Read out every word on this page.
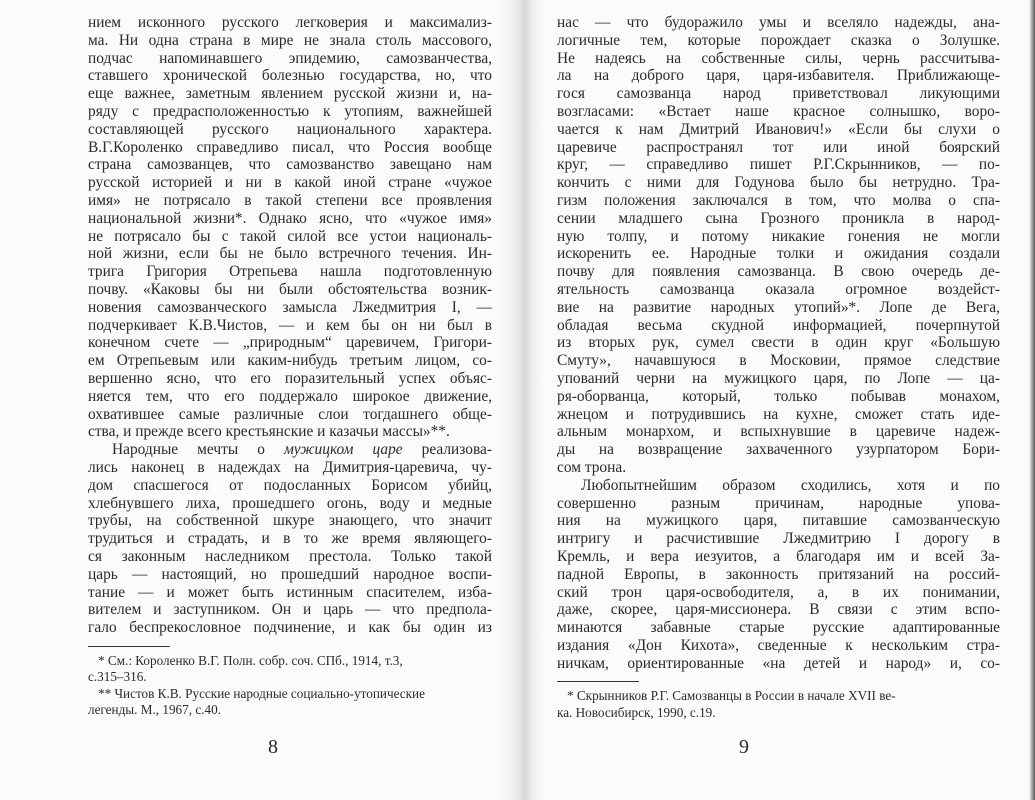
нием исконного русского легковерия и максимализ-
ма. Ни одна страна в мире не знала столь массового,
подчас напоминавшего эпидемию, самозванчества,
ставшего хронической болезнью государства, но, что
еще важнее, заметным явлением русской жизни и, на-
ряду с предрасположенностью к утопиям, важнейшей
составляющей русского национального характера.
В.Г.Короленко справедливо писал, что Россия вообще
страна самозванцев, что самозванство завещано нам
русской историей и ни в какой иной стране «чужое
имя» не потрясало в такой степени все проявления
национальной жизни*. Однако ясно, что «чужое имя»
не потрясало бы с такой силой все устои националь-
ной жизни, если бы не было встречного течения. Ин-
трига Григория Отрепьева нашла подготовленную
почву. «Каковы бы ни были обстоятельства возник-
новения самозванческого замысла Лжедмитрия I, —
подчеркивает К.В.Чистов, — и кем бы он ни был в
конечном счете — „природным“ царевичем, Григори-
ем Отрепьевым или каким-нибудь третьим лицом, со-
вершенно ясно, что его поразительный успех объяс-
няется тем, что его поддержало широкое движение,
охватившее самые различные слои тогдашнего обще-
ства, и прежде всего крестьянские и казачьи массы»**.
Народные мечты о мужицком царе реализова-
лись наконец в надеждах на Димитрия-царевича, чу-
дом спасшегося от подосланных Борисом убийц,
хлебнувшего лиха, прошедшего огонь, воду и медные
трубы, на собственной шкуре знающего, что значит
трудиться и страдать, и в то же время являющего-
ся законным наследником престола. Только такой
царь — настоящий, но прошедший народное воспи-
тание — и может быть истинным спасителем, изба-
вителем и заступником. Он и царь — что предпола-
гало беспрекословное подчинение, и как бы один из
* См.: Короленко В.Г. Полн. собр. соч. СПб., 1914, т.3,
с.315–316.
** Чистов К.В. Русские народные социально-утопические
легенды. М., 1967, с.40.
нас — что будоражило умы и вселяло надежды, ана-
логичные тем, которые порождает сказка о Золушке.
Не надеясь на собственные силы, чернь рассчитыва-
ла на доброго царя, царя-избавителя. Приближающе-
гося самозванца народ приветствовал ликующими
возгласами: «Встает наше красное солнышко, воро-
чается к нам Дмитрий Иванович!» «Если бы слухи о
царевиче распространял тот или иной боярский
круг, — справедливо пишет Р.Г.Скрынников, — по-
кончить с ними для Годунова было бы нетрудно. Тра-
гизм положения заключался в том, что молва о спа-
сении младшего сына Грозного проникла в народ-
ную толпу, и потому никакие гонения не могли
искоренить ее. Народные толки и ожидания создали
почву для появления самозванца. В свою очередь де-
ятельность самозванца оказала огромное воздейст-
вие на развитие народных утопий»*. Лопе де Вега,
обладая весьма скудной информацией, почерпнутой
из вторых рук, сумел свести в один круг «Большую
Смуту», начавшуюся в Московии, прямое следствие
упований черни на мужицкого царя, по Лопе — ца-
ря-оборванца, который, только побывав монахом,
жнецом и потрудившись на кухне, сможет стать иде-
альным монархом, и вспыхнувшие в царевиче надеж-
ды на возвращение захваченного узурпатором Бори-
сом трона.
Любопытнейшим образом сходились, хотя и по
совершенно разным причинам, народные упова-
ния на мужицкого царя, питавшие самозванческую
интригу и расчистившие Лжедмитрию I дорогу в
Кремль, и вера иезуитов, а благодаря им и всей За-
падной Европы, в законность притязаний на россий-
ский трон царя-освободителя, а, в их понимании,
даже, скорее, царя-миссионера. В связи с этим вспо-
минаются забавные старые русские адаптированные
издания «Дон Кихота», сведенные к нескольким стра-
ничкам, ориентированные «на детей и народ» и, со-
* Скрынников Р.Г. Самозванцы в России в начале XVII ве-
ка. Новосибирск, 1990, с.19.
8	9
